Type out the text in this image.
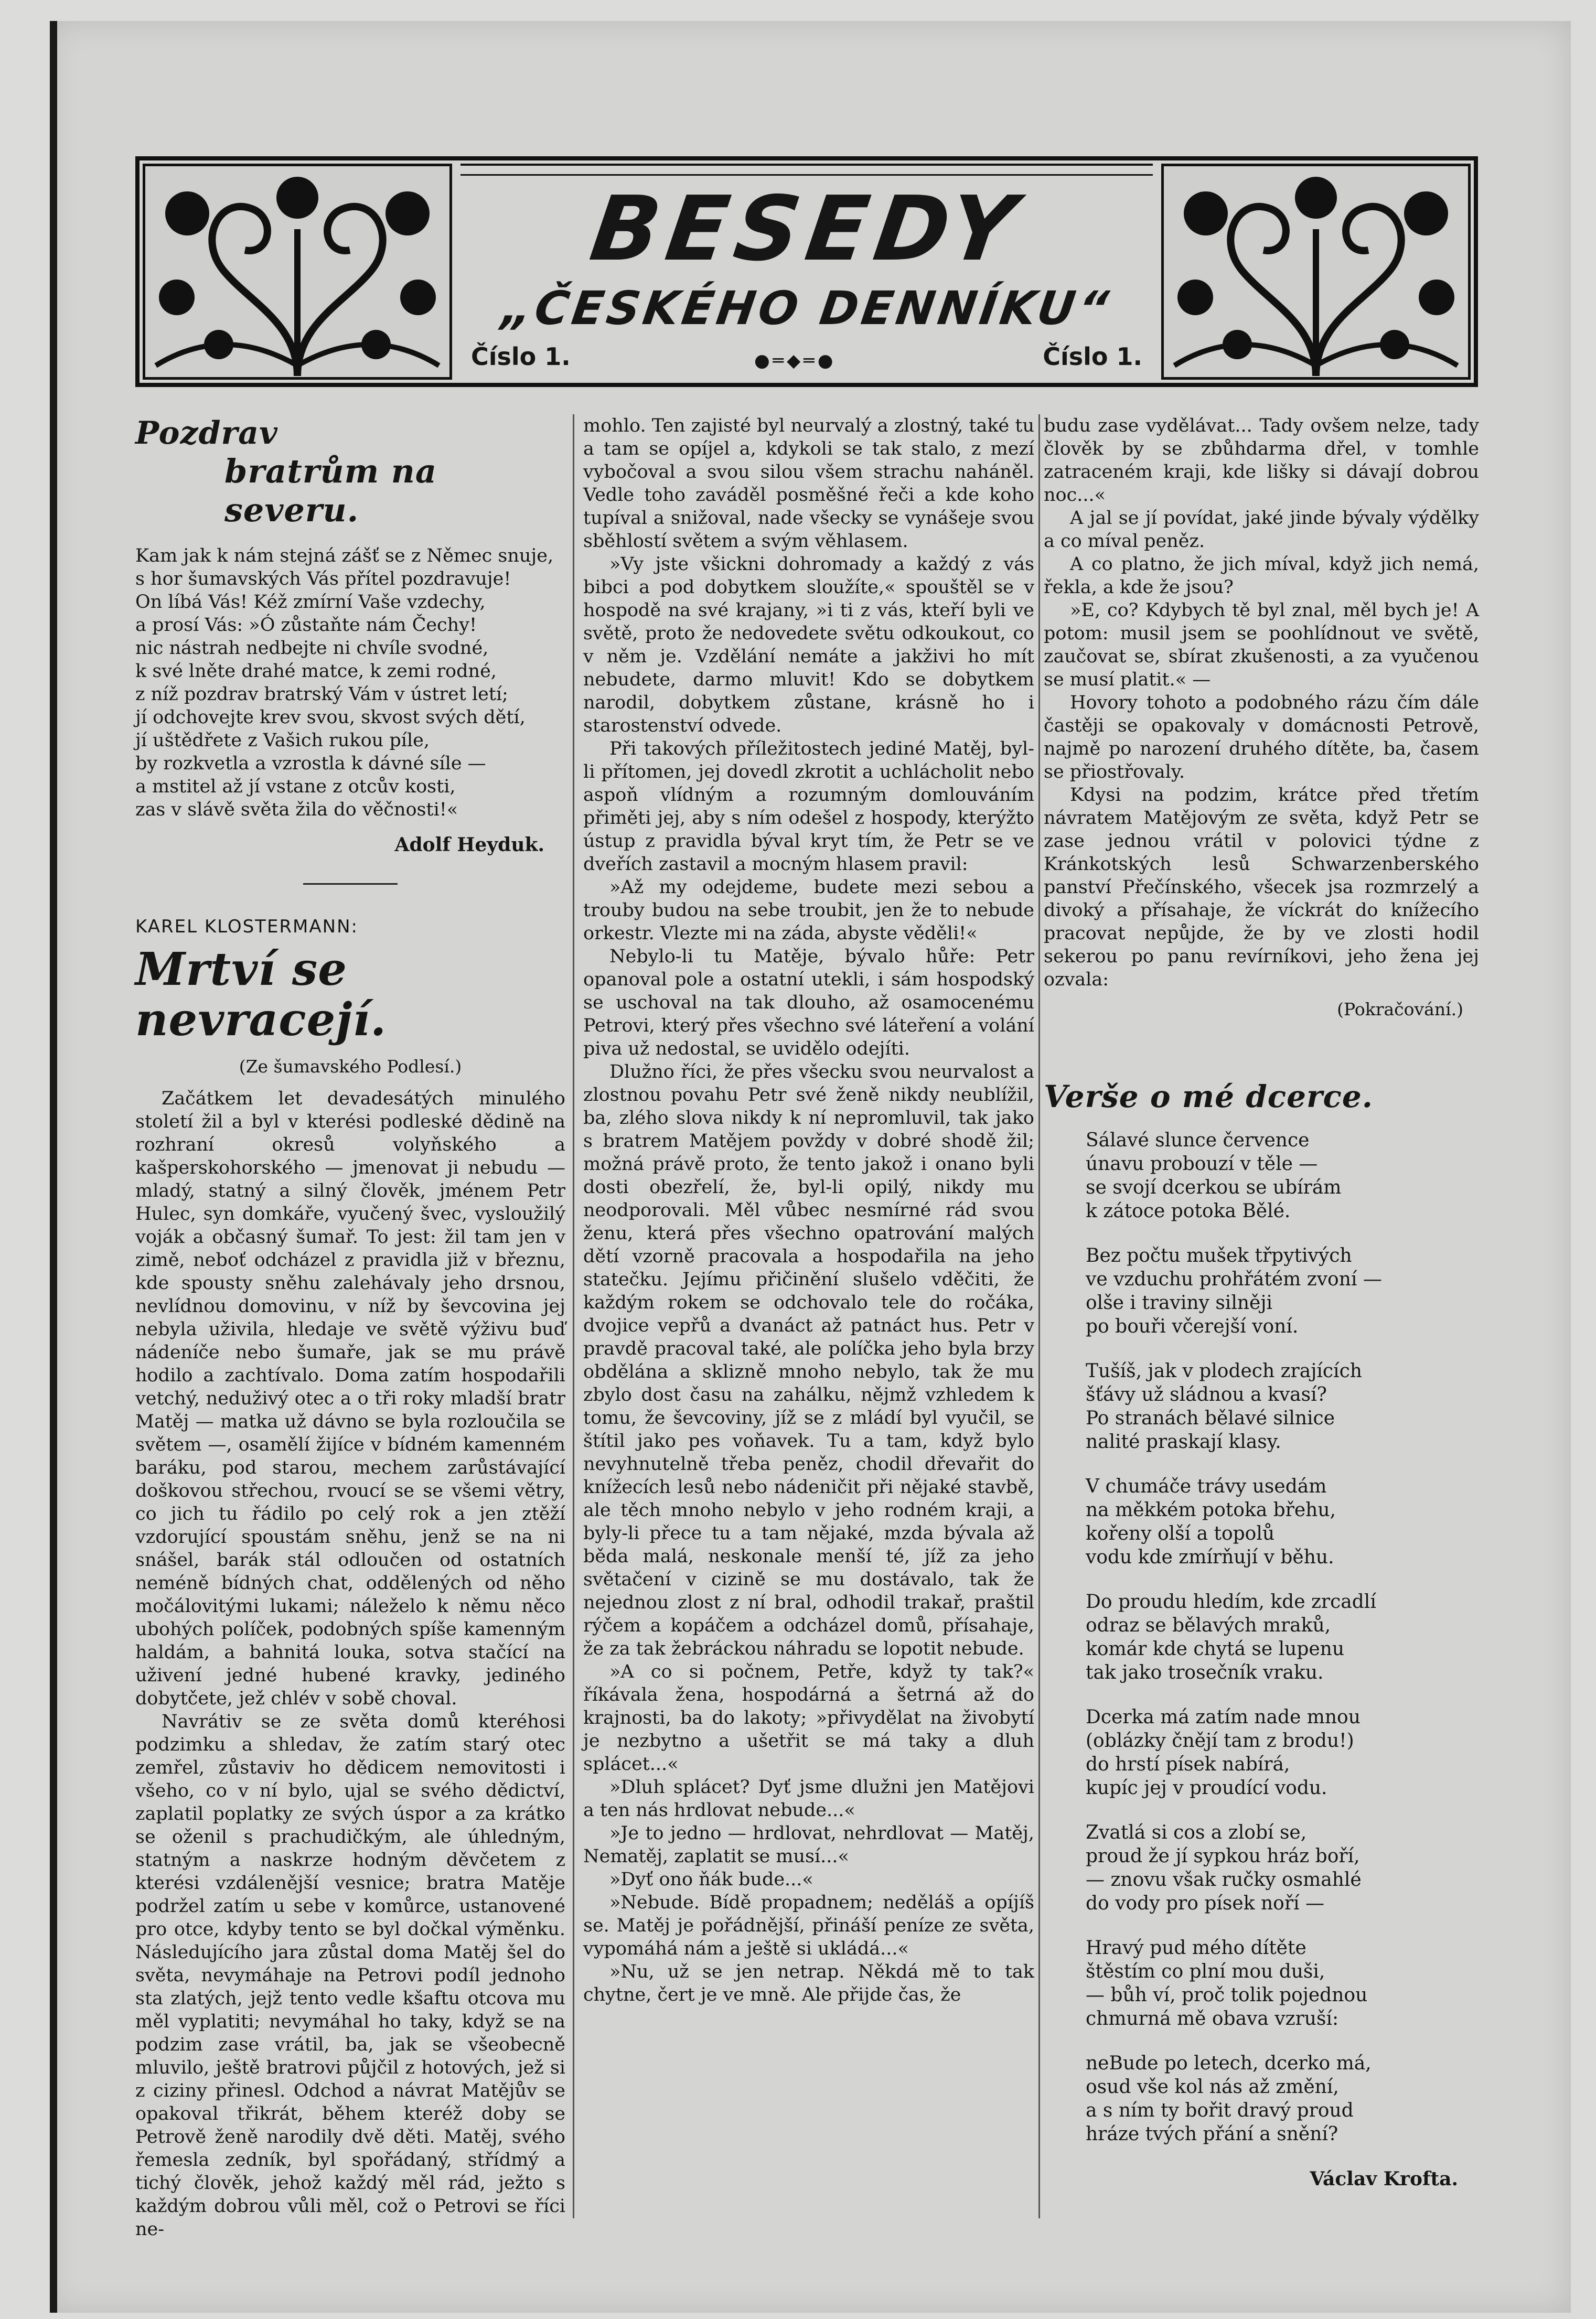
BESEDY
„ČESKÉHO DENNÍKU“
Číslo 1.	●═◆═●	Číslo 1.

Pozdrav

bratrům na severu.

Kam jak k nám stejná zášť se z Němec snuje,

s hor šumavských Vás přítel pozdravuje!

On líbá Vás! Kéž zmírní Vaše vzdechy,

a prosí Vás: »Ó zůstaňte nám Čechy!

nic nástrah nedbejte ni chvíle svodné,

k své lněte drahé matce, k zemi rodné,

z níž pozdrav bratrský Vám v ústret letí;

jí odchovejte krev svou, skvost svých dětí,

jí uštědřete z Vašich rukou píle,

by rozkvetla a vzrostla k dávné síle —

a mstitel až jí vstane z otcův kosti,

zas v slávě světa žila do věčnosti!«

Adolf Heyduk.

KAREL KLOSTERMANN:

Mrtví se nevracejí.

(Ze šumavského Podlesí.)

Začátkem let devadesátých minulého století žil a byl v kterési podleské dědině na rozhraní okresů volyňského a kašperskohorského — jmenovat ji nebudu — mladý, statný a silný člověk, jménem Petr Hulec, syn domkáře, vyučený švec, vysloužilý voják a občasný šumař. To jest: žil tam jen v zimě, neboť odcházel z pravidla již v březnu, kde spousty sněhu zalehávaly jeho drsnou, nevlídnou domovinu, v níž by ševcovina jej nebyla uživila, hledaje ve světě výživu buď nádeníče nebo šumaře, jak se mu právě hodilo a zachtívalo. Doma zatím hospodařili vetchý, neduživý otec a o tři roky mladší bratr Matěj — matka už dávno se byla rozloučila se světem —, osamělí žijíce v bídném kamenném baráku, pod starou, mechem zarůstávající doškovou střechou, rvoucí se se všemi větry, co jich tu řádilo po celý rok a jen ztěží vzdorující spoustám sněhu, jenž se na ni snášel, barák stál odloučen od ostatních neméně bídných chat, oddělených od něho močálovitými lukami; náleželo k němu něco ubohých políček, podobných spíše kamenným haldám, a bahnitá louka, sotva stačící na uživení jedné hubené kravky, jediného dobytčete, jež chlév v sobě choval.

Navrátiv se ze světa domů kteréhosi podzimku a shledav, že zatím starý otec zemřel, zůstaviv ho dědicem nemovitosti i všeho, co v ní bylo, ujal se svého dědictví, zaplatil poplatky ze svých úspor a za krátko se oženil s prachudičkým, ale úhledným, statným a naskrze hodným děvčetem z kterési vzdálenější vesnice; bratra Matěje podržel zatím u sebe v komůrce, ustanovené pro otce, kdyby tento se byl dočkal výměnku. Následujícího jara zůstal doma Matěj šel do světa, nevymáhaje na Petrovi podíl jednoho sta zlatých, jejž tento vedle kšaftu otcova mu měl vyplatiti; nevymáhal ho taky, když se na podzim zase vrátil, ba, jak se všeobecně mluvilo, ještě bratrovi půjčil z hotových, jež si z ciziny přinesl. Odchod a návrat Matějův se opakoval třikrát, během kteréž doby se Petrově ženě narodily dvě děti. Matěj, svého řemesla zedník, byl spořádaný, střídmý a tichý člověk, jehož každý měl rád, ježto s každým dobrou vůli měl, což o Petrovi se říci ne-

mohlo. Ten zajisté byl neurvalý a zlostný, také tu a tam se opíjel a, kdykoli se tak stalo, z mezí vybočoval a svou silou všem strachu naháněl. Vedle toho zaváděl posměšné řeči a kde koho tupíval a snižoval, nade všecky se vynášeje svou sběhlostí světem a svým věhlasem.

»Vy jste všickni dohromady a každý z vás bibci a pod dobytkem sloužíte,« spouštěl se v hospodě na své krajany, »i ti z vás, kteří byli ve světě, proto že nedovedete světu odkoukout, co v něm je. Vzdělání nemáte a jakživi ho mít nebudete, darmo mluvit! Kdo se dobytkem narodil, dobytkem zůstane, krásně ho i starostenství odvede.

Při takových příležitostech jediné Matěj, byl-li přítomen, jej dovedl zkrotit a uchlácholit nebo aspoň vlídným a rozumným domlouváním přiměti jej, aby s ním odešel z hospody, kterýžto ústup z pravidla býval kryt tím, že Petr se ve dveřích zastavil a mocným hlasem pravil:

»Až my odejdeme, budete mezi sebou a trouby budou na sebe troubit, jen že to nebude orkestr. Vlezte mi na záda, abyste věděli!«

Nebylo-li tu Matěje, bývalo hůře: Petr opanoval pole a ostatní utekli, i sám hospodský se uschoval na tak dlouho, až osamocenému Petrovi, který přes všechno své láteření a volání piva už nedostal, se uvidělo odejíti.

Dlužno říci, že přes všecku svou neurvalost a zlostnou povahu Petr své ženě nikdy neublížil, ba, zlého slova nikdy k ní nepromluvil, tak jako s bratrem Matějem povždy v dobré shodě žil; možná právě proto, že tento jakož i onano byli dosti obezřelí, že, byl-li opilý, nikdy mu neodporovali. Měl vůbec nesmírné rád svou ženu, která přes všechno opatrování malých dětí vzorně pracovala a hospodařila na jeho statečku. Jejímu přičinění slušelo vděčiti, že každým rokem se odchovalo tele do ročáka, dvojice vepřů a dvanáct až patnáct hus. Petr v pravdě pracoval také, ale políčka jeho byla brzy obdělána a sklizně mnoho nebylo, tak že mu zbylo dost času na zahálku, nějmž vzhledem k tomu, že ševcoviny, jíž se z mládí byl vyučil, se štítil jako pes voňavek. Tu a tam, když bylo nevyhnutelně třeba peněz, chodil dřevařit do knížecích lesů nebo nádeničit při nějaké stavbě, ale těch mnoho nebylo v jeho rodném kraji, a byly-li přece tu a tam nějaké, mzda bývala až běda malá, neskonale menší té, jíž za jeho světačení v cizině se mu dostávalo, tak že nejednou zlost z ní bral, odhodil trakař, praštil rýčem a kopáčem a odcházel domů, přísahaje, že za tak žebráckou náhradu se lopotit nebude.

»A co si počnem, Petře, když ty tak?« říkávala žena, hospodárná a šetrná až do krajnosti, ba do lakoty; »přivydělat na živobytí je nezbytno a ušetřit se má taky a dluh splácet...«

»Dluh splácet? Dyť jsme dlužni jen Matějovi a ten nás hrdlovat nebude...«

»Je to jedno — hrdlovat, nehrdlovat — Matěj, Nematěj, zaplatit se musí...«

»Dyť ono ňák bude...«

»Nebude. Bídě propadnem; neděláš a opíjíš se. Matěj je pořádnější, přináší peníze ze světa, vypomáhá nám a ještě si ukládá...«

»Nu, už se jen netrap. Někdá mě to tak chytne, čert je ve mně. Ale přijde čas, že

budu zase vydělávat... Tady ovšem nelze, tady člověk by se zbůhdarma dřel, v tomhle zatraceném kraji, kde lišky si dávají dobrou noc...«

A jal se jí povídat, jaké jinde bývaly výdělky a co míval peněz.

A co platno, že jich míval, když jich nemá, řekla, a kde že jsou?

»E, co? Kdybych tě byl znal, měl bych je! A potom: musil jsem se poohlídnout ve světě, zaučovat se, sbírat zkušenosti, a za vyučenou se musí platit.« —

Hovory tohoto a podobného rázu čím dále častěji se opakovaly v domácnosti Petrově, najmě po narození druhého dítěte, ba, časem se přiostřovaly.

Kdysi na podzim, krátce před třetím návratem Matějovým ze světa, když Petr se zase jednou vrátil v polovici týdne z Kránkotských lesů Schwarzenberského panství Přečínského, všecek jsa rozmrzelý a divoký a přísahaje, že víckrát do knížecího pracovat nepůjde, že by ve zlosti hodil sekerou po panu revírníkovi, jeho žena jej ozvala:

(Pokračování.)

Verše o mé dcerce.

Sálavé slunce července

únavu probouzí v těle —

se svojí dcerkou se ubírám

k zátoce potoka Bělé.

Bez počtu mušek třpytivých

ve vzduchu prohřátém zvoní —

olše i traviny silněji

po bouři včerejší voní.

Tušíš, jak v plodech zrajících

šťávy už sládnou a kvasí?

Po stranách bělavé silnice

nalité praskají klasy.

V chumáče trávy usedám

na měkkém potoka břehu,

kořeny olší a topolů

vodu kde zmírňují v běhu.

Do proudu hledím, kde zrcadlí

odraz se bělavých mraků,

komár kde chytá se lupenu

tak jako trosečník vraku.

Dcerka má zatím nade mnou

(oblázky čnějí tam z brodu!)

do hrstí písek nabírá,

kupíc jej v proudící vodu.

Zvatlá si cos a zlobí se,

proud že jí sypkou hráz boří,

— znovu však ručky osmahlé

do vody pro písek noří —

Hravý pud mého dítěte

štěstím co plní mou duši,

— bůh ví, proč tolik pojednou

chmurná mě obava vzruší:

neBude po letech, dcerko má,

osud vše kol nás až změní,

a s ním ty bořit dravý proud

hráze tvých přání a snění?

Václav Krofta.
